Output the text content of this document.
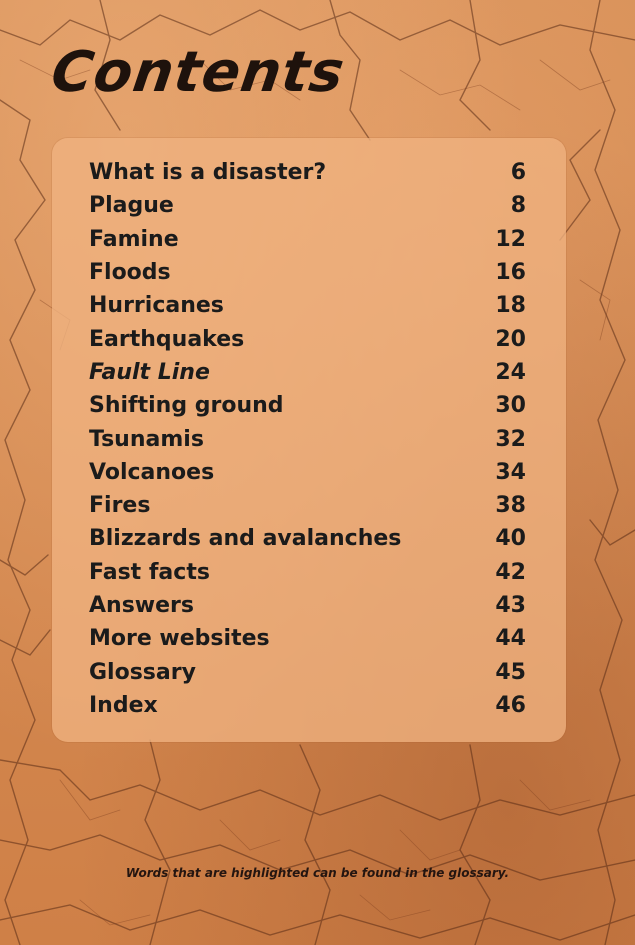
Contents
What is a disaster?	6
Plague	8
Famine	12
Floods	16
Hurricanes	18
Earthquakes	20
Fault Line	24
Shifting ground	30
Tsunamis	32
Volcanoes	34
Fires	38
Blizzards and avalanches	40
Fast facts	42
Answers	43
More websites	44
Glossary	45
Index	46

Words that are highlighted can be found in the glossary.
